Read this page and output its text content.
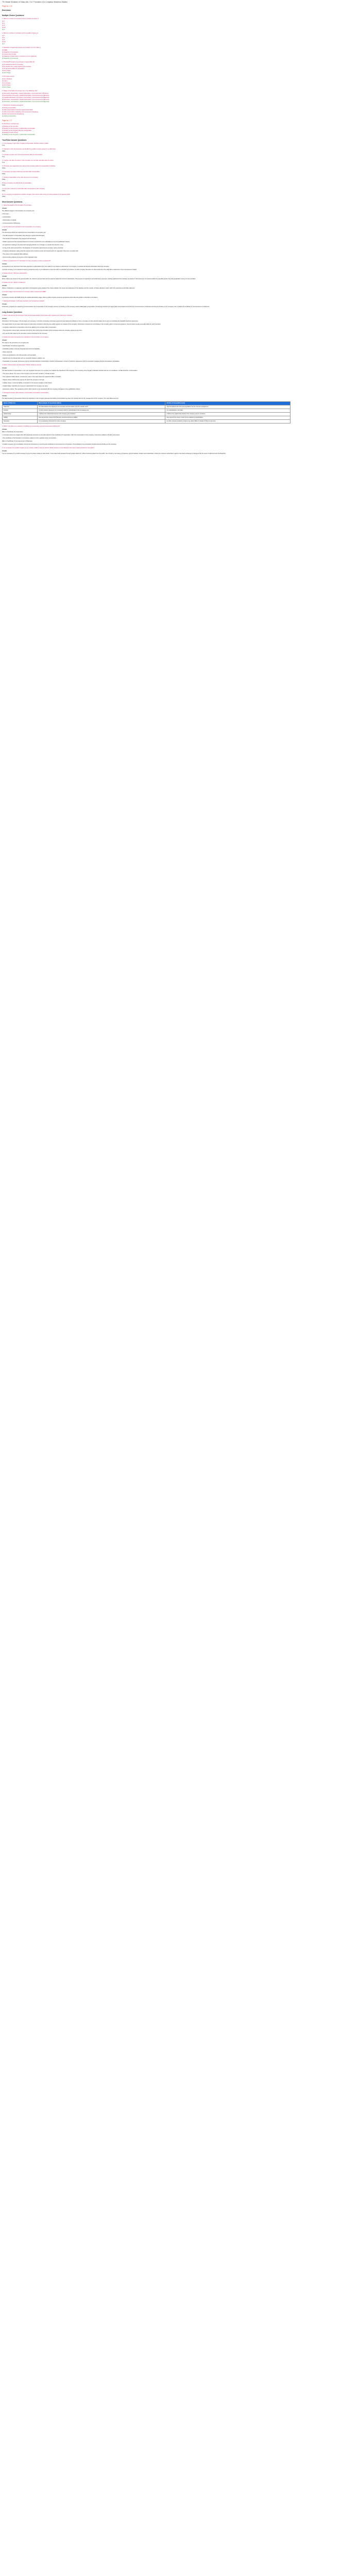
TS Grewal Solutions of Class 11th, Ch-7 Formation of a Company/ Business Studies
Page No: 176
Exercises
Multiple Choice Questions
1. Minimum number of members to form a private company is:
(a) 7
(b) 2
(c) 5
(d) 20
(b) 2
2. Minimum number of members to form a public company is:
(a) 7
(b) 2
(c) 5
(d) 20
(a) 7
3. Application of approval of name of a company is to be made to:
(a) SEBI
(b) Registrar of Companies
(c) Government of India
(d) Registrar of State where a company is to be registered
(b) Registrar of Companies
4. Promoter/Promoters of a company is responsible for:
(a) To decide the idea of a company
(b) To decide name, share capital of the company
(c) To do all formalities for registration
(d) All of these
(d) All of these
5. Promoters can be:
(a) An individual
(b) A firm
(c) A company
(d) All of these
(d) All of these
6. Stages of formation of company are in the following order:
(a) Promotion, Registration, Capital Subscription, Commencement of Business
(b) Incorporation, Promotion, Capital Subscription, Commencement of Business
(c) Capital Subscription, Promotion, Incorporation, Commencement of Business
(d) Promotion, Incorporation, Capital Subscription, Commencement of Business
(d) Promotion, Incorporation, Capital Subscription, Commencement of Business
7. Preliminary Contracts are signed:
(a) before incorporation
(b) after incorporation but before capital subscription
(c) after incorporation but before commencement of business
(d) after commencement of business
(a) before incorporation
Page No: 177
8. Preliminary Contracts are:
(a) binding on the promoter
(b) binding on the company, if ratified after incorporation
(c) binding on the company after the incorporation
(d) binding on both of them
(b) binding on the company, if ratified after incorporation
True/False Answer Questions
1. It is necessary to get every company incorporated, whether private or public.
True
2. Statement in lieu of prospectus can be filed by a public company going for a public issue.
False
3. A private company can commence business after its incorporation.
True
4. A person can take promotion in the promotion of a company and also take promotion.
True
5. Promoters are registered in the name of the company before its incorporation is binding.
False
6. A company can raise preliminary contracts after incorporation.
False
7. Articles of Association is the main document of a company.
False
8. Every company must file Articles of Association.
False
9. A promoter continues to hold office after incorporation of the company.
False
10. If a company is registered in another company but it cannot raise money by issuing shares to the general public.
False
Short Answer Questions
1. Name the stages in the formation of a company.
Answer
The different stages in the formation of a company are:
• Promotion
• Incorporation
• Subscription of capital
• Commencement of Business
2. List the documents required for the incorporation of a company.
Answer
The documents which are required for the incorporation of a company are:
• The Memorandum of Association duly stamped, signed and witnessed.
• The Articles of Association duly stamped and witnessed.
• Written approval of the proposed directors to function as directors and undertaking to buy the qualification shares.
• An agreement relating to the proposed managing director or a manager or a whole-time director, if any.
• A copy of the letter received from the Registrar of Companies approving the company name proposed.
• A statutory declaration stating that the requirements of all documents and requirements for registration have been complied with.
• The notice of the registered office address.
• Documentary evidence of payment of the registration fees.
3. What is a prospectus? Is it necessary for every company to issue a prospectus?
Answer
A prospectus is any document that invites deposits or subscriptions from the public for any shares or debentures of a company. It contains all relevant information about the company.
A private company is not required to issue a prospectus since it is not allowed to invite the public to subscribe to its shares. A public company that does not raise funds from the public files a statement in lieu of prospectus instead.
4. Explain the term 'Minimum Subscription'.
Answer
When shares are issued to the general public, the minimum amount that must be raised is called the minimum subscription. This amount is required to meet preliminary expenses, working capital and the purchase of property. If this amount is not received within the specified period, the entire application money is to be refunded.
5. Explain the term 'Return of Allotment'.
Answer
Return of allotment is a statement submitted to the Registrar giving details of the shares allotted, the names and addresses of the allottees and the number of shares allotted to each, within the prescribed period after allotment.
6. At which stage in the formation of a company does it interact with SEBI?
Answer
A company interacts with SEBI during the capital subscription stage, when a public company issues its prospectus and invites the public to subscribe to its shares.
7. Distinguish between 'preliminary contracts' and 'provisional contracts'.
Answer
Preliminary contracts are signed by promoters before the incorporation of the company and are not binding on the company unless ratified after incorporation. Provisional contracts are signed after incorporation but before the commencement of business and become binding on the company once it obtains the certificate of commencement of business.
Long Answer Questions
1. What is the need for the promotion? Discuss the legal position of promoters with respect to the preliminary contracts.
Answer
Promotion is the first stage in the formation of a company. It involves conceiving a business opportunity and taking the initiative to form a company so that practical shape can be given to exploiting the available business opportunity.
The legal position of promoters with respect to preliminary contracts is that they are neither agents nor trustees of the company. Preliminary contracts are not binding on the company after it comes into existence; the promoters remain personally liable for such contracts.
• Contracts made before incorporation cannot be ratified by the company after incorporation.
• The promoters cannot claim expenses incurred by them during the promotion of the company unless the company agrees to pay them.
• Any secret profit made by the promoters must be disclosed to the company.
2. Explain the steps that need to be undertaken in the promotion of a company.
Answer
The steps in the promotion of a company are:
• Identification of business opportunity
• Feasibility studies: technical, financial and economic feasibility
• Name approval
• Fixing up signatories to the Memorandum of Association
• Appointment of professionals such as mercantile bankers, auditors, etc.
• Preparation of necessary documents such as the Memorandum of Association, Articles of Association, consent of directors, agreement with the proposed managing director and statutory declaration.
3. What is Memorandum of Association? Briefly explain its clauses.
Answer
The Memorandum of Association is the most important document of a company as it defines the objectives of the company. The company cannot legally undertake activities that are not contained in its Memorandum of Association.
• The name clause: The name of the company must end with 'Limited' or 'Private Limited'.
• The registered office clause: Contains the name of the state where the registered office is situated.
• Objects clause: Defines the purpose for which the company is formed.
• Liability clause: Limits the liability of members to the amount unpaid on their shares.
• Capital clause: Specifies the maximum capital which the company can raise.
• Association clause: The signatories confirm their intention to be associated with the company and agree to buy qualification shares.
4. Distinguish between Memorandum of Association and Articles of Association.
Answer
The Memorandum of Association defines the objectives of the company whereas the Articles of Association lay down the internal rules for the management of the company. The main differences are:
Basis of difference	Memorandum of Association (MoA)	Articles of Association (AoA)
Objective	The MoA defines the objectives of a company and its relation with the outside world.	The AoA defines the rules and regulations for the internal management.
Position	It is the supreme document of a company which is subordinate to the Companies Act.	It is subordinate to the MoA.
Relationship	It defines the relationship between the company and outsiders.	It defines the relationship between the company and its members.
Validity	Acts beyond the scope of the MoA are void and cannot be ratified.	Acts beyond the scope of AoA can be ratified by shareholders.
Necessity	It is a necessary document for every company.	A public company limited by shares may adopt Table F instead of filing its own AoA.
5. What is the effect of a company's Certificate of Incorporation and Commencement of Business?
Answer
Effect of Certificate of Incorporation:
• A company becomes a legal entity with perpetual succession on the date printed on the Certificate of Incorporation. After the incorporation of the company, it becomes entitled to all rights and powers.
• The Certificate of Incorporation is conclusive evidence of the regularity of the incorporation.
Effect of Certificate of Commencement of Business:
• A public company can immediately commence its business on receiving the certificate of commencement of business. Once obtained, the provisional contracts become binding on the company.
6. Is it necessary for a public company to go to share market to issue its shares? What process is to be followed in the case of raising funds from the public?
Answer
It is not necessary for a public company to go to the share market to raise funds. It may raise funds privately through private placement. When funds are raised from the public, the company must issue a prospectus, appoint bankers, brokers and underwriters, obtain the minimum subscription, apply to the stock exchange for listing and file the return of allotment with the Registrar.
